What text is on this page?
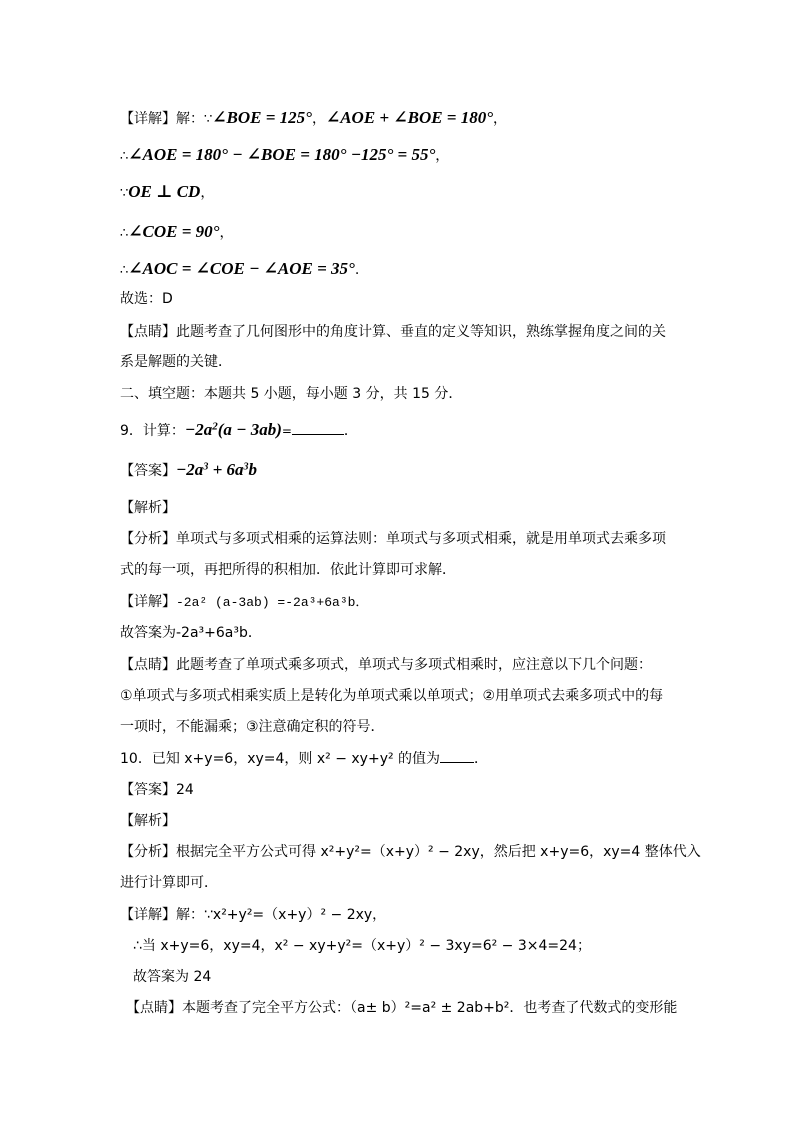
【详解】解：∵∠BOE = 125°，∠AOE + ∠BOE = 180°，
∴∠AOE = 180° − ∠BOE = 180° −125° = 55°，
∵OE ⊥ CD，
∴∠COE = 90°，
∴∠AOC = ∠COE − ∠AOE = 35°.
故选：D
【点睛】此题考查了几何图形中的角度计算、垂直的定义等知识，熟练掌握角度之间的关
系是解题的关键．
二、填空题：本题共 5 小题，每小题 3 分，共 15 分．
9．计算：$-2a^2(a - 3ab)=$	．
【答案】$-2a^3 + 6a^3b$
【解析】
【分析】单项式与多项式相乘的运算法则：单项式与多项式相乘，就是用单项式去乘多项
式的每一项，再把所得的积相加．依此计算即可求解．
【详解】-2a² (a-3ab) =-2a³+6a³b．
故答案为-2a³+6a³b．
【点睛】此题考查了单项式乘多项式，单项式与多项式相乘时，应注意以下几个问题：
①单项式与多项式相乘实质上是转化为单项式乘以单项式；②用单项式去乘多项式中的每
一项时，不能漏乘；③注意确定积的符号．
10．已知 x+y=6，xy=4，则 x² − xy+y² 的值为 ．
【答案】24
【解析】
【分析】根据完全平方公式可得 x²+y²=（x+y）² − 2xy，然后把 x+y=6，xy=4 整体代入
进行计算即可．
【详解】解：∵x²+y²=（x+y）² − 2xy，
∴当 x+y=6，xy=4，x² − xy+y²=（x+y）² − 3xy=6² − 3×4=24；
故答案为 24
【点睛】本题考查了完全平方公式：（a± b）²=a² ± 2ab+b²．也考查了代数式的变形能
